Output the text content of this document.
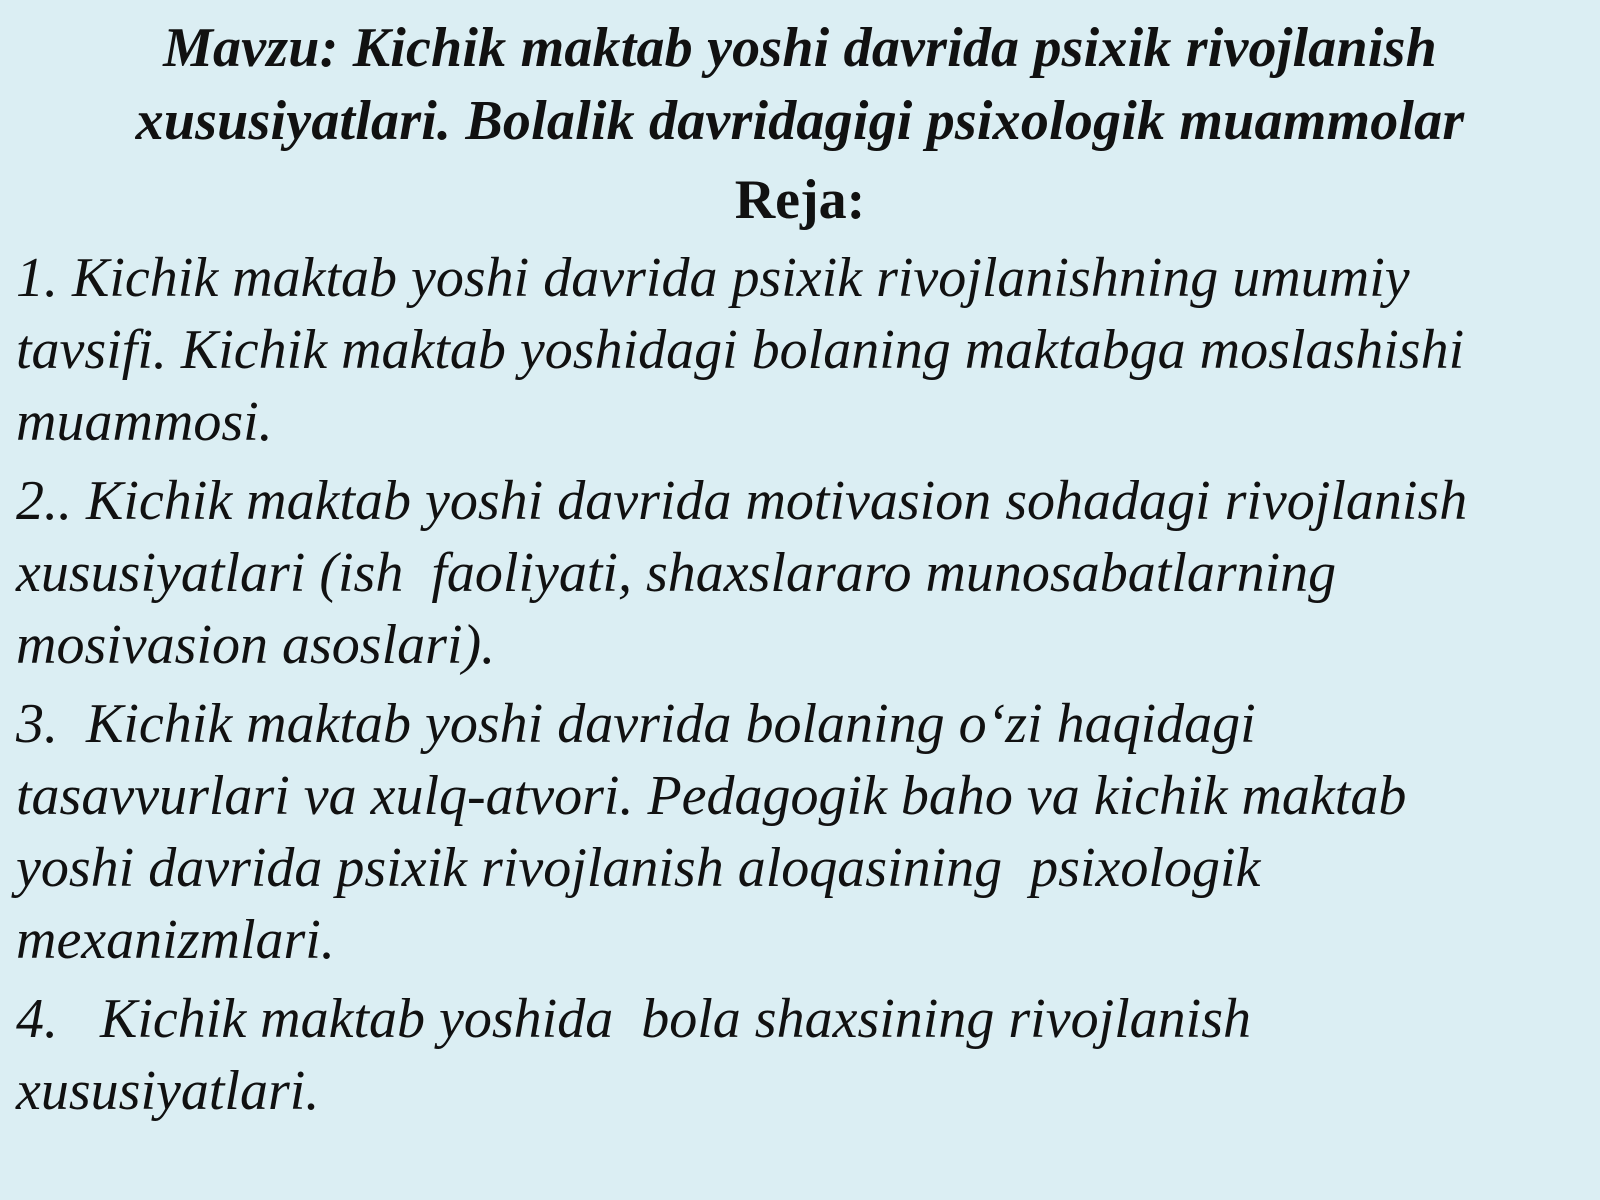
Mavzu: Kichik maktab yoshi davrida psixik rivojlanish
xususiyatlari. Bolalik davridagigi psixologik muammolar
Reja:
1. Kichik maktab yoshi davrida psixik rivojlanishning umumiy
tavsifi. Kichik maktab yoshidagi bolaning maktabga moslashishi
muammosi.
2.. Kichik maktab yoshi davrida motivasion sohadagi rivojlanish
xususiyatlari (ish  faoliyati, shaxslararo munosabatlarning
mosivasion asoslari).
3.  Kichik maktab yoshi davrida bolaning o‘zi haqidagi
tasavvurlari va xulq-atvori. Pedagogik baho va kichik maktab
yoshi davrida psixik rivojlanish aloqasining  psixologik
mexanizmlari.
4.   Kichik maktab yoshida  bola shaxsining rivojlanish
xususiyatlari.
